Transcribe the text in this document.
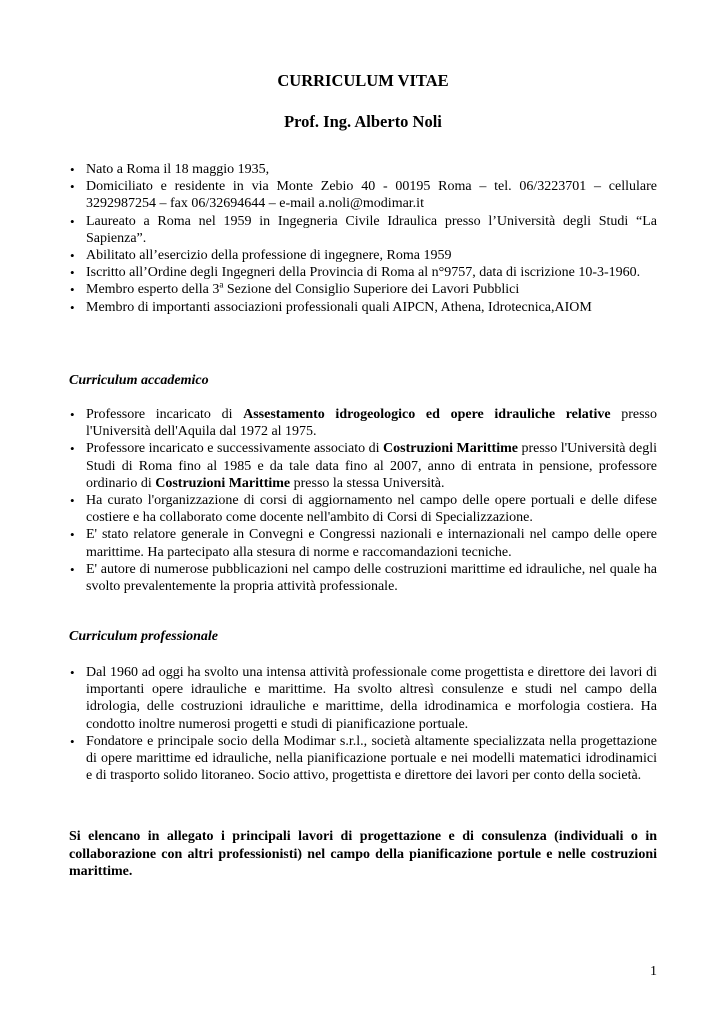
CURRICULUM VITAE
Prof. Ing. Alberto Noli
• Nato a Roma il 18 maggio 1935,
• Domiciliato e residente in via Monte Zebio 40 - 00195 Roma – tel. 06/3223701 – cellulare 3292987254 – fax 06/32694644 – e-mail a.noli@modimar.it
• Laureato a Roma nel 1959 in Ingegneria Civile Idraulica presso l’Università degli Studi “La Sapienza”.
• Abilitato all’esercizio della professione di ingegnere, Roma 1959
• Iscritto all’Ordine degli Ingegneri della Provincia di Roma al n°9757, data di iscrizione 10-3-1960.
• Membro esperto della 3$^a$ Sezione del Consiglio Superiore dei Lavori Pubblici
• Membro di importanti associazioni professionali quali AIPCN, Athena, Idrotecnica,AIOM

Curriculum accademico

• Professore incaricato di Assestamento idrogeologico ed opere idrauliche relative presso l'Università dell'Aquila dal 1972 al 1975.
• Professore incaricato e successivamente associato di Costruzioni Marittime presso l'Università degli Studi di Roma fino al 1985 e da tale data fino al 2007, anno di entrata in pensione, professore ordinario di Costruzioni Marittime presso la stessa Università.
• Ha curato l'organizzazione di corsi di aggiornamento nel campo delle opere portuali e delle difese costiere e ha collaborato come docente nell'ambito di Corsi di Specializzazione.
• E' stato relatore generale in Convegni e Congressi nazionali e internazionali nel campo delle opere marittime. Ha partecipato alla stesura di norme e raccomandazioni tecniche.
• E' autore di numerose pubblicazioni nel campo delle costruzioni marittime ed idrauliche, nel quale ha svolto prevalentemente la propria attività professionale.

Curriculum professionale

• Dal 1960 ad oggi ha svolto una intensa attività professionale come progettista e direttore dei lavori di importanti opere idrauliche e marittime. Ha svolto altresì consulenze e studi nel campo della idrologia, delle costruzioni idrauliche e marittime, della idrodinamica e morfologia costiera. Ha condotto inoltre numerosi progetti e studi di pianificazione portuale.
• Fondatore e principale socio della Modimar s.r.l., società altamente specializzata nella progettazione di opere marittime ed idrauliche, nella pianificazione portuale e nei modelli matematici idrodinamici e di trasporto solido litoraneo. Socio attivo, progettista e direttore dei lavori per conto della società.

Si elencano in allegato i principali lavori di progettazione e di consulenza (individuali o in collaborazione con altri professionisti) nel campo della pianificazione portule e nelle costruzioni marittime.

1
